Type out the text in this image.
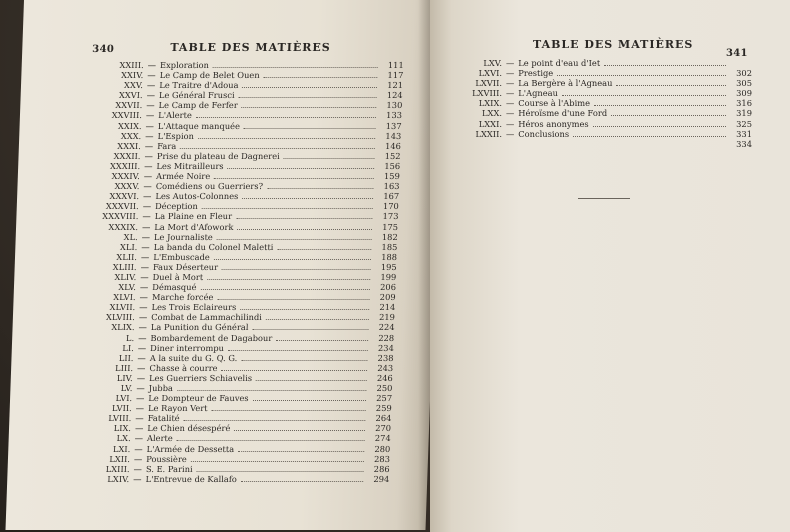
340	TABLE DES MATIÈRES
XXIII. — Exploration	111
XXIV. — Le Camp de Belet Ouen	117
XXV. — Le Traitre d'Adoua	121
XXVI. — Le Général Frusci	124
XXVII. — Le Camp de Ferfer	130
XXVIII. — L'Alerte	133
XXIX. — L'Attaque manquée	137
XXX. — L'Espion	143
XXXI. — Fara	146
XXXII. — Prise du plateau de Dagnerei	152
XXXIII. — Les Mitrailleurs	156
XXXIV. — Armée Noire	159
XXXV. — Comédiens ou Guerriers?	163
XXXVI. — Les Autos-Colonnes	167
XXXVII. — Déception	170
XXXVIII. — La Plaine en Fleur	173
XXXIX. — La Mort d'Afowork	175
XL. — Le Journaliste	182
XLI. — La banda du Colonel Maletti	185
XLII. — L'Embuscade	188
XLIII. — Faux Déserteur	195
XLIV. — Duel à Mort	199
XLV. — Démasqué	206
XLVI. — Marche forcée	209
XLVII. — Les Trois Eclaireurs	214
XLVIII. — Combat de Lammachilindi	219
XLIX. — La Punition du Général	224
L. — Bombardement de Dagabour	228
LI. — Diner interrompu	234
LII. — A la suite du G. Q. G.	238
LIII. — Chasse à courre	243
LIV. — Les Guerriers Schiavelis	246
LV. — Jubba	250
LVI. — Le Dompteur de Fauves	257
LVII. — Le Rayon Vert	259
LVIII. — Fatalité	264
LIX. — Le Chien désespéré	270
LX. — Alerte	274
LXI. — L'Armée de Dessetta	280
LXII. — Poussière	283
LXIII. — S. E. Parini	286
LXIV. — L'Entrevue de Kallafo	294
TABLE DES MATIÈRES
341
LXV. — Le point d'eau d'Iet
LXVI. — Prestige	302
LXVII. — La Bergère à l'Agneau	305
LXVIII. — L'Agneau	309
LXIX. — Course à l'Abime	316
LXX. — Héroïsme d'une Ford	319
LXXI. — Héros anonymes	325
LXXII. — Conclusions	331
334
